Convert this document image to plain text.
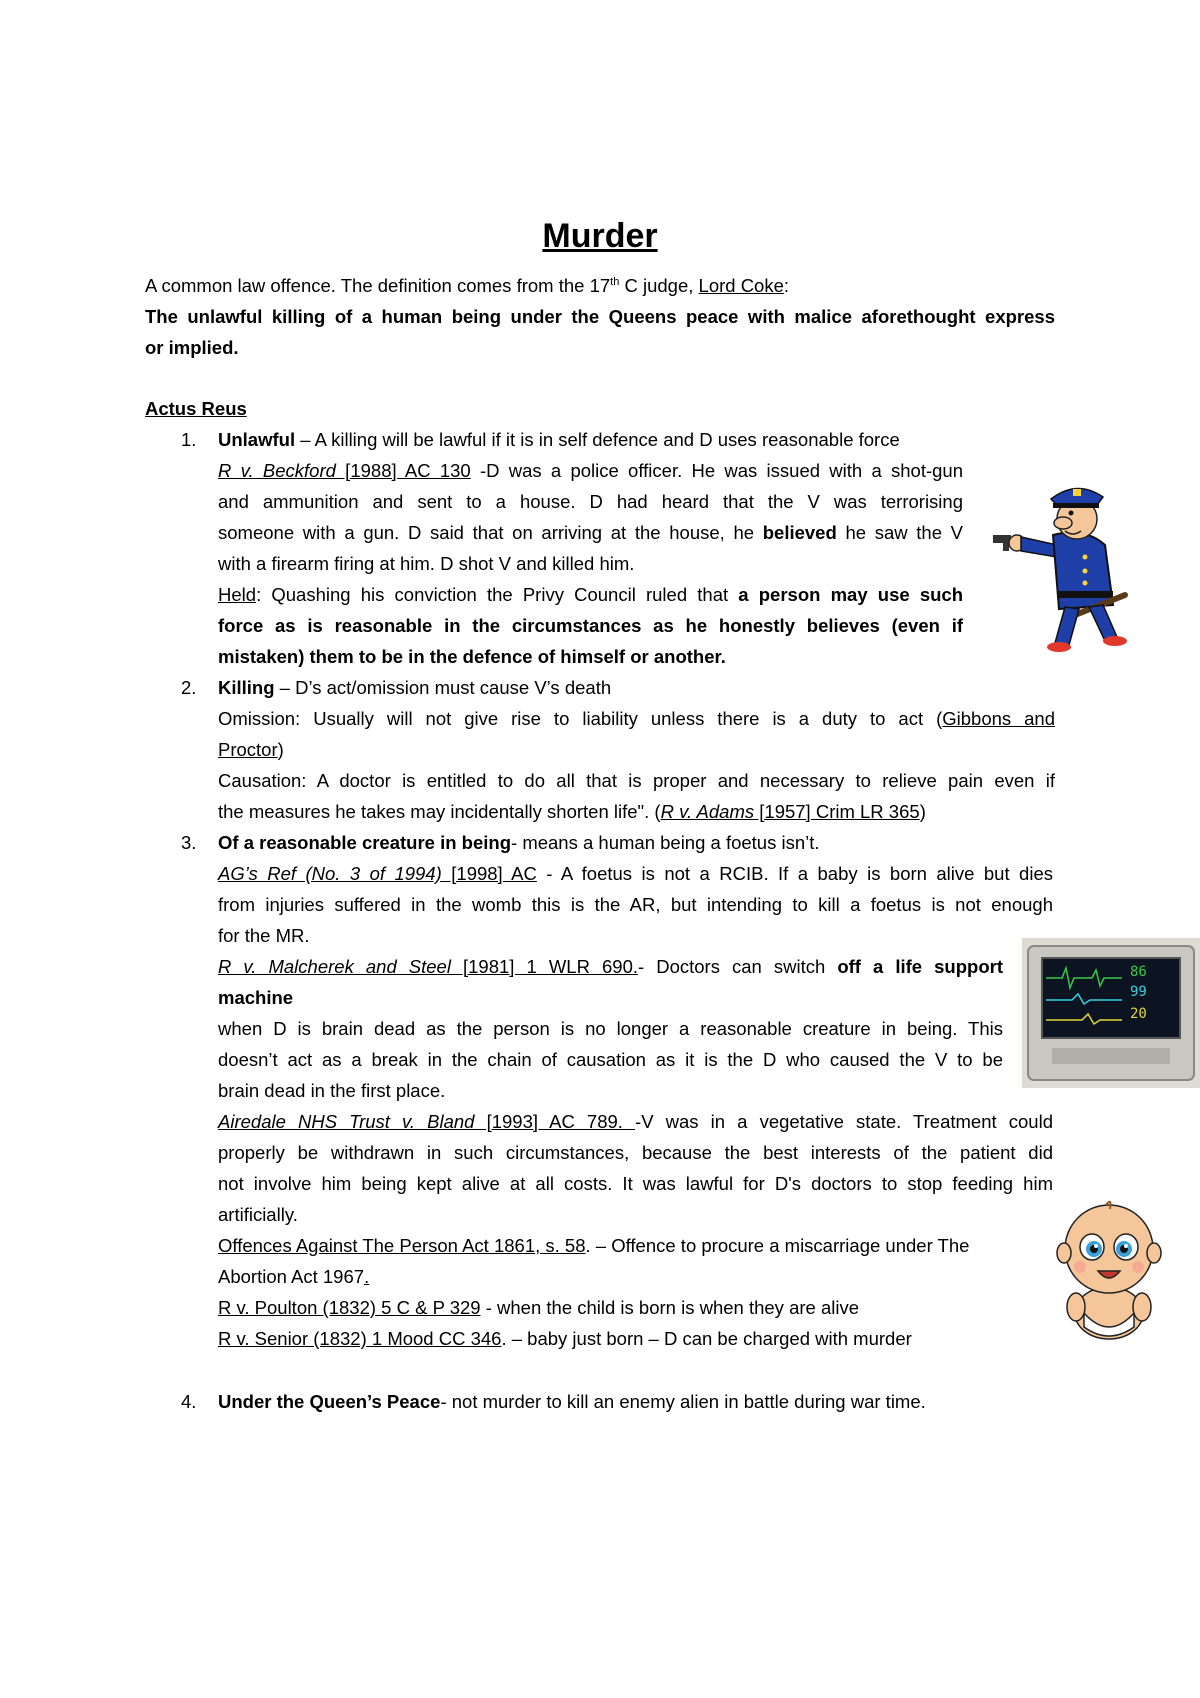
Murder
A common law offence. The definition comes from the 17th C judge, Lord Coke:
The unlawful killing of a human being under the Queens peace with malice aforethought express
or implied.
Actus Reus
1. Unlawful – A killing will be lawful if it is in self defence and D uses reasonable force
R v. Beckford [1988] AC 130 -D was a police officer. He was issued with a shot-gun
and ammunition and sent to a house. D had heard that the V was terrorising
someone with a gun. D said that on arriving at the house, he believed he saw the V
with a firearm firing at him. D shot V and killed him.
Held: Quashing his conviction the Privy Council ruled that a person may use such
force as is reasonable in the circumstances as he honestly believes (even if
mistaken) them to be in the defence of himself or another.
2. Killing – D’s act/omission must cause V’s death
Omission: Usually will not give rise to liability unless there is a duty to act (Gibbons and
Proctor)
Causation: A doctor is entitled to do all that is proper and necessary to relieve pain even if
the measures he takes may incidentally shorten life". (R v. Adams [1957] Crim LR 365)
3. Of a reasonable creature in being- means a human being a foetus isn’t.
AG’s Ref (No. 3 of 1994) [1998] AC - A foetus is not a RCIB. If a baby is born alive but dies
from injuries suffered in the womb this is the AR, but intending to kill a foetus is not enough
for the MR.
R v. Malcherek and Steel [1981] 1 WLR 690.- Doctors can switch off a life support
machine
when D is brain dead as the person is no longer a reasonable creature in being. This
doesn’t act as a break in the chain of causation as it is the D who caused the V to be
brain dead in the first place.
Airedale NHS Trust v. Bland [1993] AC 789. -V was in a vegetative state. Treatment could
properly be withdrawn in such circumstances, because the best interests of the patient did
not involve him being kept alive at all costs. It was lawful for D's doctors to stop feeding him
artificially.
Offences Against The Person Act 1861, s. 58. – Offence to procure a miscarriage under The
Abortion Act 1967.
R v. Poulton (1832) 5 C & P 329 - when the child is born is when they are alive
R v. Senior (1832) 1 Mood CC 346. – baby just born – D can be charged with murder
4. Under the Queen’s Peace- not murder to kill an enemy alien in battle during war time.
86
99
20
